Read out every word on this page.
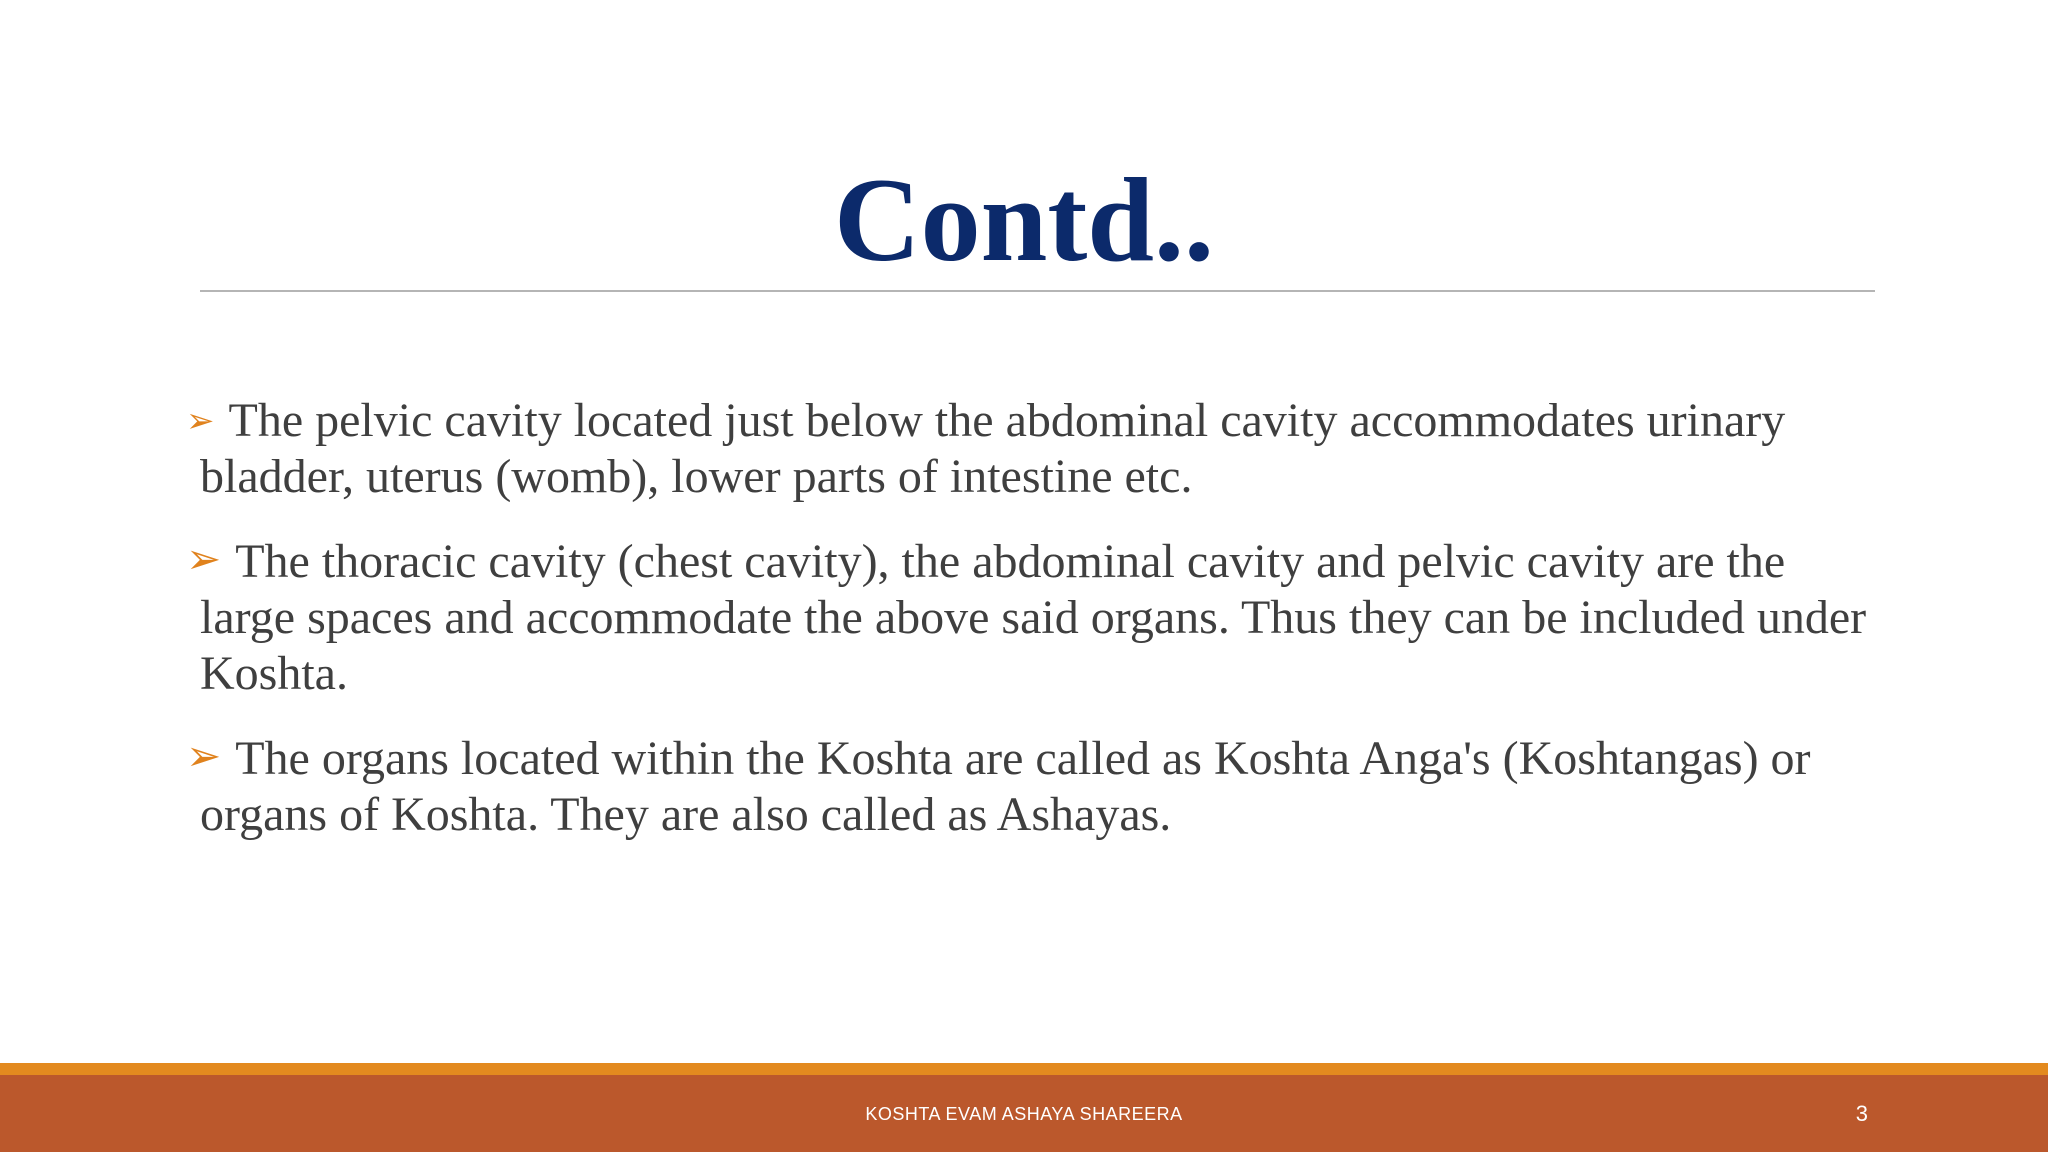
Contd..

➢ The pelvic cavity located just below the abdominal cavity accommodates urinary bladder, uterus (womb), lower parts of intestine etc.

➢ The thoracic cavity (chest cavity), the abdominal cavity and pelvic cavity are the large spaces and accommodate the above said organs. Thus they can be included under Koshta.

➢ The organs located within the Koshta are called as Koshta Anga's (Koshtangas) or organs of Koshta. They are also called as Ashayas.

KOSHTA EVAM ASHAYA SHAREERA	3
